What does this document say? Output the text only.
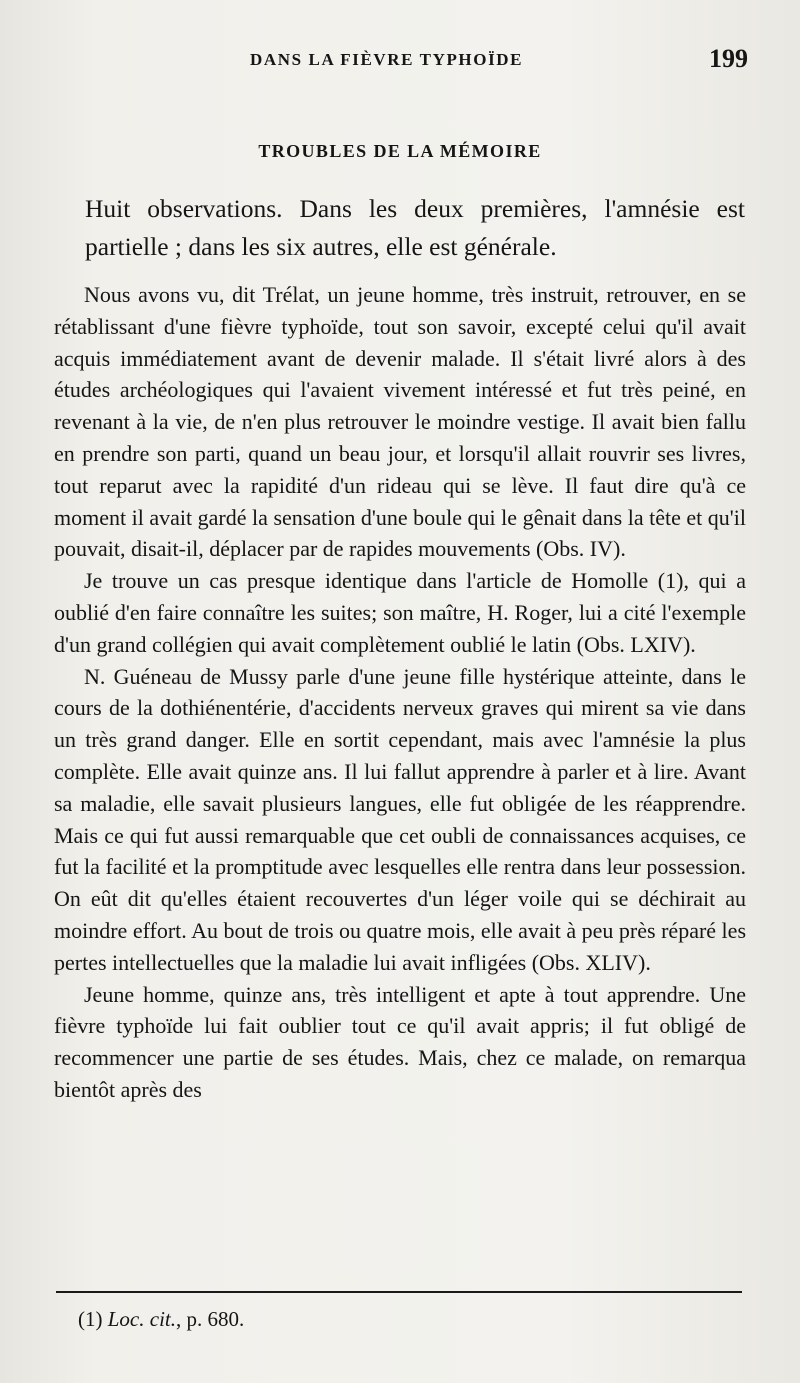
DANS LA FIÈVRE TYPHOÏDE	199
TROUBLES DE LA MÉMOIRE
Huit observations. Dans les deux premières, l'amnésie est partielle ; dans les six autres, elle est générale.

Nous avons vu, dit Trélat, un jeune homme, très instruit, retrouver, en se rétablissant d'une fièvre typhoïde, tout son savoir, excepté celui qu'il avait acquis immédiatement avant de devenir malade. Il s'était livré alors à des études archéologiques qui l'avaient vivement intéressé et fut très peiné, en revenant à la vie, de n'en plus retrouver le moindre vestige. Il avait bien fallu en prendre son parti, quand un beau jour, et lorsqu'il allait rouvrir ses livres, tout reparut avec la rapidité d'un rideau qui se lève. Il faut dire qu'à ce moment il avait gardé la sensation d'une boule qui le gênait dans la tête et qu'il pouvait, disait-il, déplacer par de rapides mouvements (Obs. IV).

Je trouve un cas presque identique dans l'article de Homolle (1), qui a oublié d'en faire connaître les suites; son maître, H. Roger, lui a cité l'exemple d'un grand collégien qui avait complètement oublié le latin (Obs. LXIV).

N. Guéneau de Mussy parle d'une jeune fille hystérique atteinte, dans le cours de la dothiénentérie, d'accidents nerveux graves qui mirent sa vie dans un très grand danger. Elle en sortit cependant, mais avec l'amnésie la plus complète. Elle avait quinze ans. Il lui fallut apprendre à parler et à lire. Avant sa maladie, elle savait plusieurs langues, elle fut obligée de les réapprendre. Mais ce qui fut aussi remarquable que cet oubli de connaissances acquises, ce fut la facilité et la promptitude avec lesquelles elle rentra dans leur possession. On eût dit qu'elles étaient recouvertes d'un léger voile qui se déchirait au moindre effort. Au bout de trois ou quatre mois, elle avait à peu près réparé les pertes intellectuelles que la maladie lui avait infligées (Obs. XLIV).

Jeune homme, quinze ans, très intelligent et apte à tout apprendre. Une fièvre typhoïde lui fait oublier tout ce qu'il avait appris; il fut obligé de recommencer une partie de ses études. Mais, chez ce malade, on remarqua bientôt après des

(1) Loc. cit., p. 680.
